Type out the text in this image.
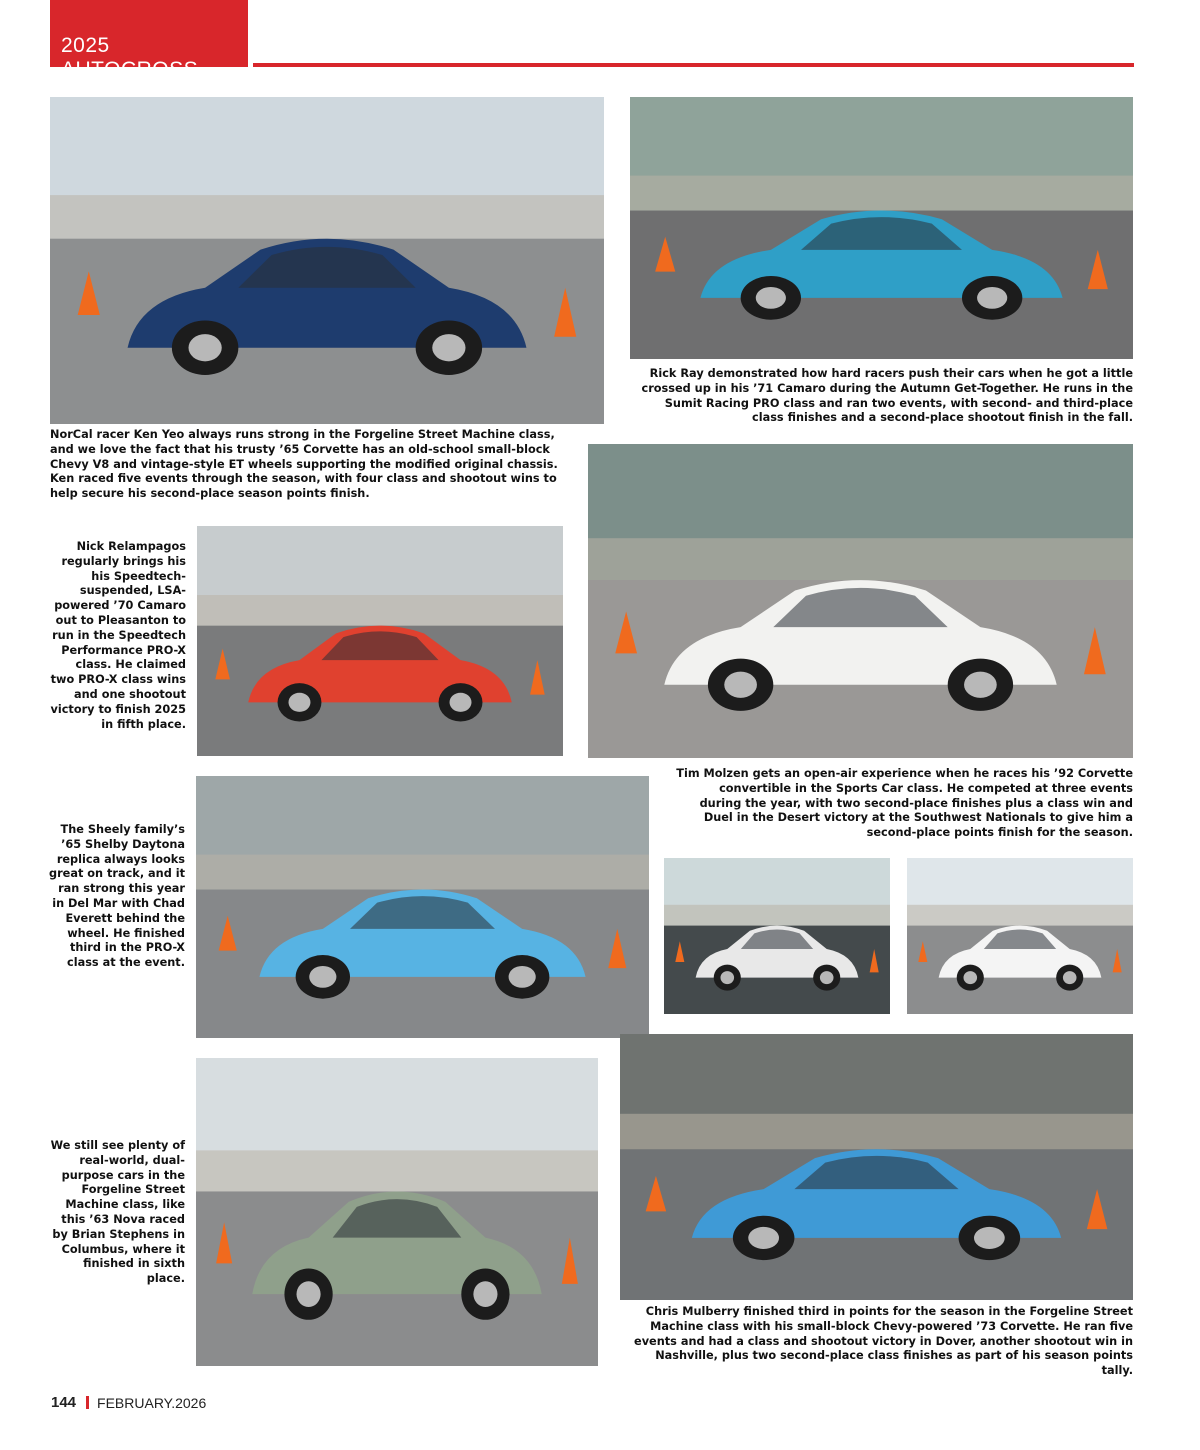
2025 AUTOCROSS

NorCal racer Ken Yeo always runs strong in the Forgeline Street Machine class, and we love the fact that his trusty ’65 Corvette has an old-school small-block Chevy V8 and vintage-style ET wheels supporting the modified original chassis. Ken raced five events through the season, with four class and shootout wins to help secure his second-place season points finish.

Rick Ray demonstrated how hard racers push their cars when he got a little crossed up in his ’71 Camaro during the Autumn Get-Together. He runs in the Sumit Racing PRO class and ran two events, with second- and third-place class finishes and a second-place shootout finish in the fall.

Nick Relampagos regularly brings his his Speedtech-suspended, LSA-powered ’70 Camaro out to Pleasanton to run in the Speedtech Performance PRO-X class. He claimed two PRO-X class wins and one shootout victory to finish 2025 in fifth place.

Tim Molzen gets an open-air experience when he races his ’92 Corvette convertible in the Sports Car class. He competed at three events during the year, with two second-place finishes plus a class win and Duel in the Desert victory at the Southwest Nationals to give him a second-place points finish for the season.

The Sheely family’s ’65 Shelby Daytona replica always looks great on track, and it ran strong this year in Del Mar with Chad Everett behind the wheel. He finished third in the PRO-X class at the event.

We still see plenty of real-world, dual-purpose cars in the Forgeline Street Machine class, like this ’63 Nova raced by Brian Stephens in Columbus, where it finished in sixth place.

Chris Mulberry finished third in points for the season in the Forgeline Street Machine class with his small-block Chevy-powered ’73 Corvette. He ran five events and had a class and shootout victory in Dover, another shootout win in Nashville, plus two second-place class finishes as part of his season points tally.

144 FEBRUARY.2026
